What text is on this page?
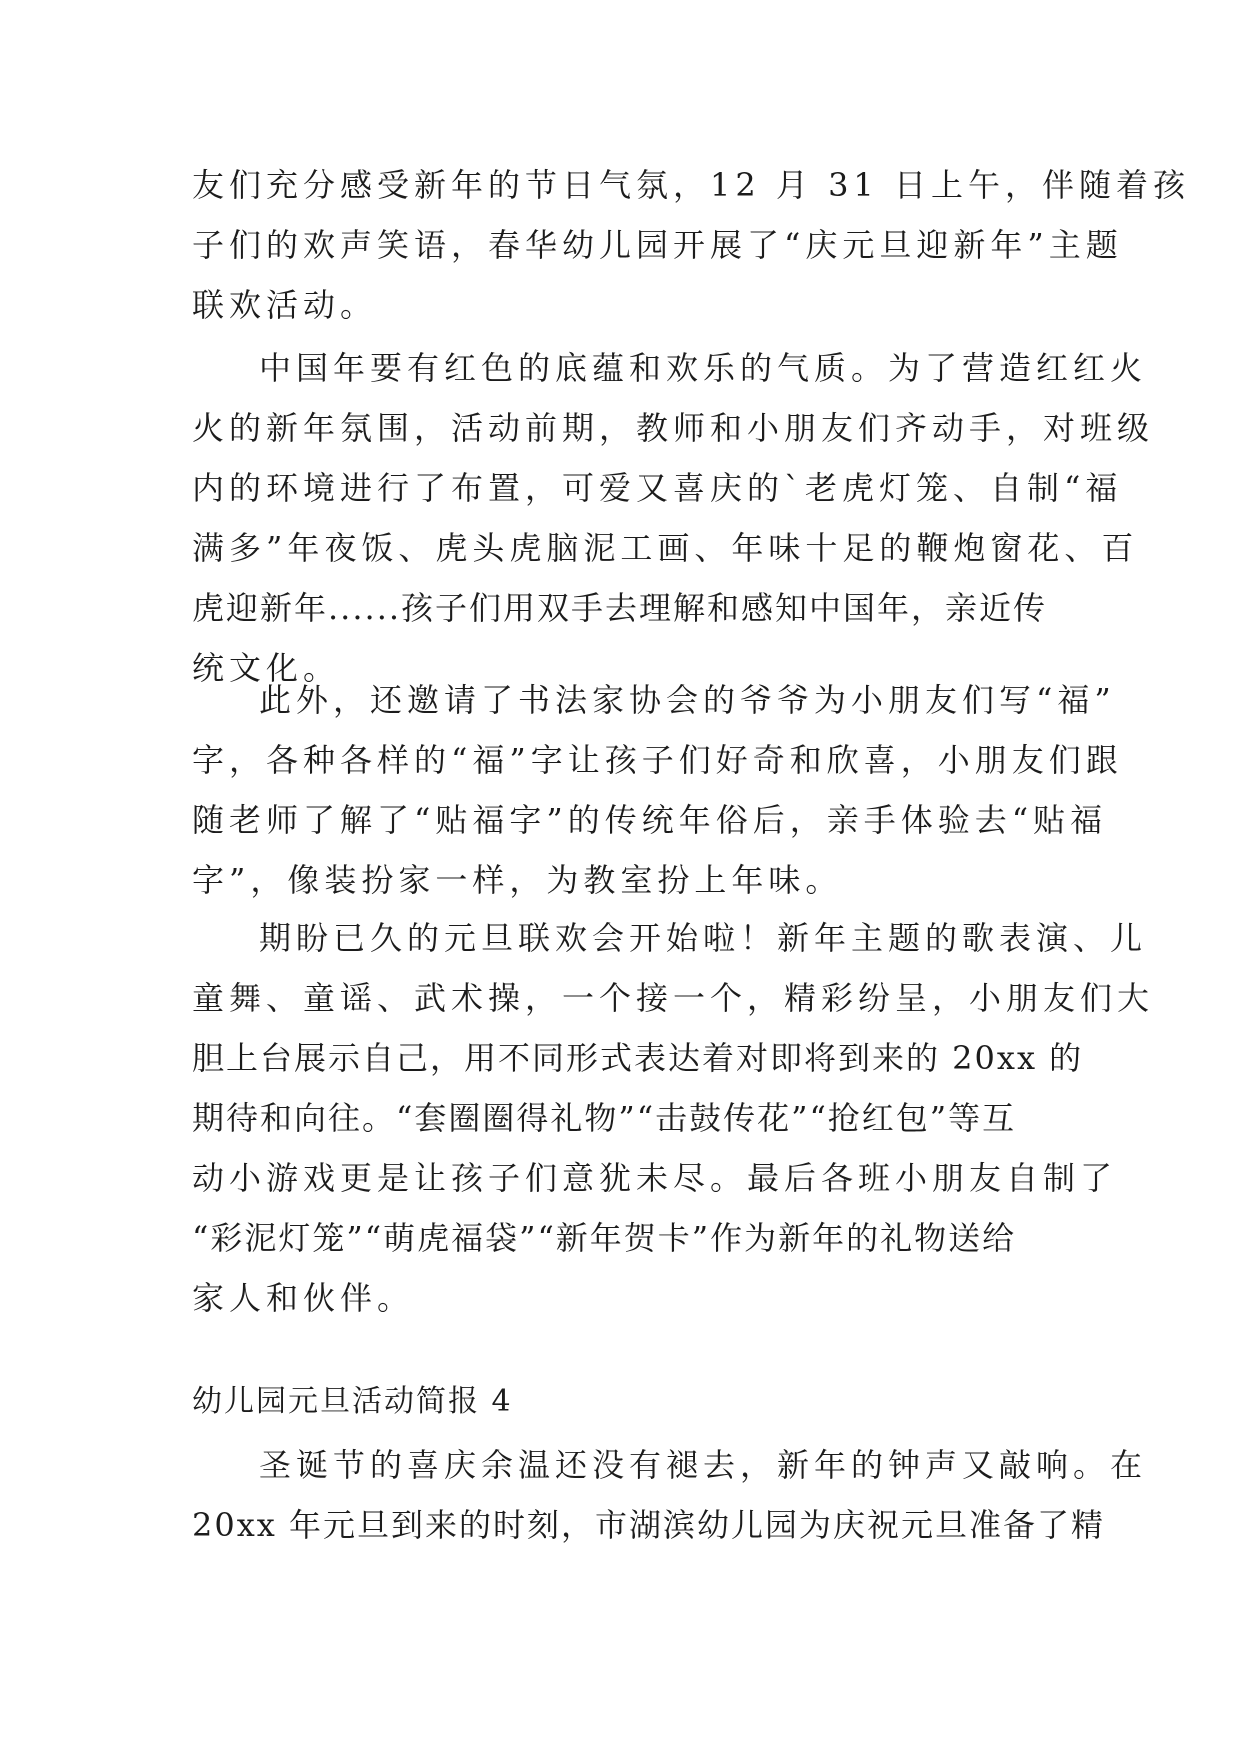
友们充分感受新年的节日气氛，12 月 31 日上午，伴随着孩
子们的欢声笑语，春华幼儿园开展了“庆元旦迎新年”主题
联欢活动。
中国年要有红色的底蕴和欢乐的气质。为了营造红红火
火的新年氛围，活动前期，教师和小朋友们齐动手，对班级
内的环境进行了布置，可爱又喜庆的`老虎灯笼、自制“福
满多”年夜饭、虎头虎脑泥工画、年味十足的鞭炮窗花、百
虎迎新年......孩子们用双手去理解和感知中国年，亲近传
统文化。
此外，还邀请了书法家协会的爷爷为小朋友们写“福”
字，各种各样的“福”字让孩子们好奇和欣喜，小朋友们跟
随老师了解了“贴福字”的传统年俗后，亲手体验去“贴福
字”，像装扮家一样，为教室扮上年味。
期盼已久的元旦联欢会开始啦！新年主题的歌表演、儿
童舞、童谣、武术操，一个接一个，精彩纷呈，小朋友们大
胆上台展示自己，用不同形式表达着对即将到来的 20xx 的
期待和向往。“套圈圈得礼物”“击鼓传花”“抢红包”等互
动小游戏更是让孩子们意犹未尽。最后各班小朋友自制了
“彩泥灯笼”“萌虎福袋”“新年贺卡”作为新年的礼物送给
家人和伙伴。
幼儿园元旦活动简报 4
圣诞节的喜庆余温还没有褪去，新年的钟声又敲响。在
20xx 年元旦到来的时刻，市湖滨幼儿园为庆祝元旦准备了精
